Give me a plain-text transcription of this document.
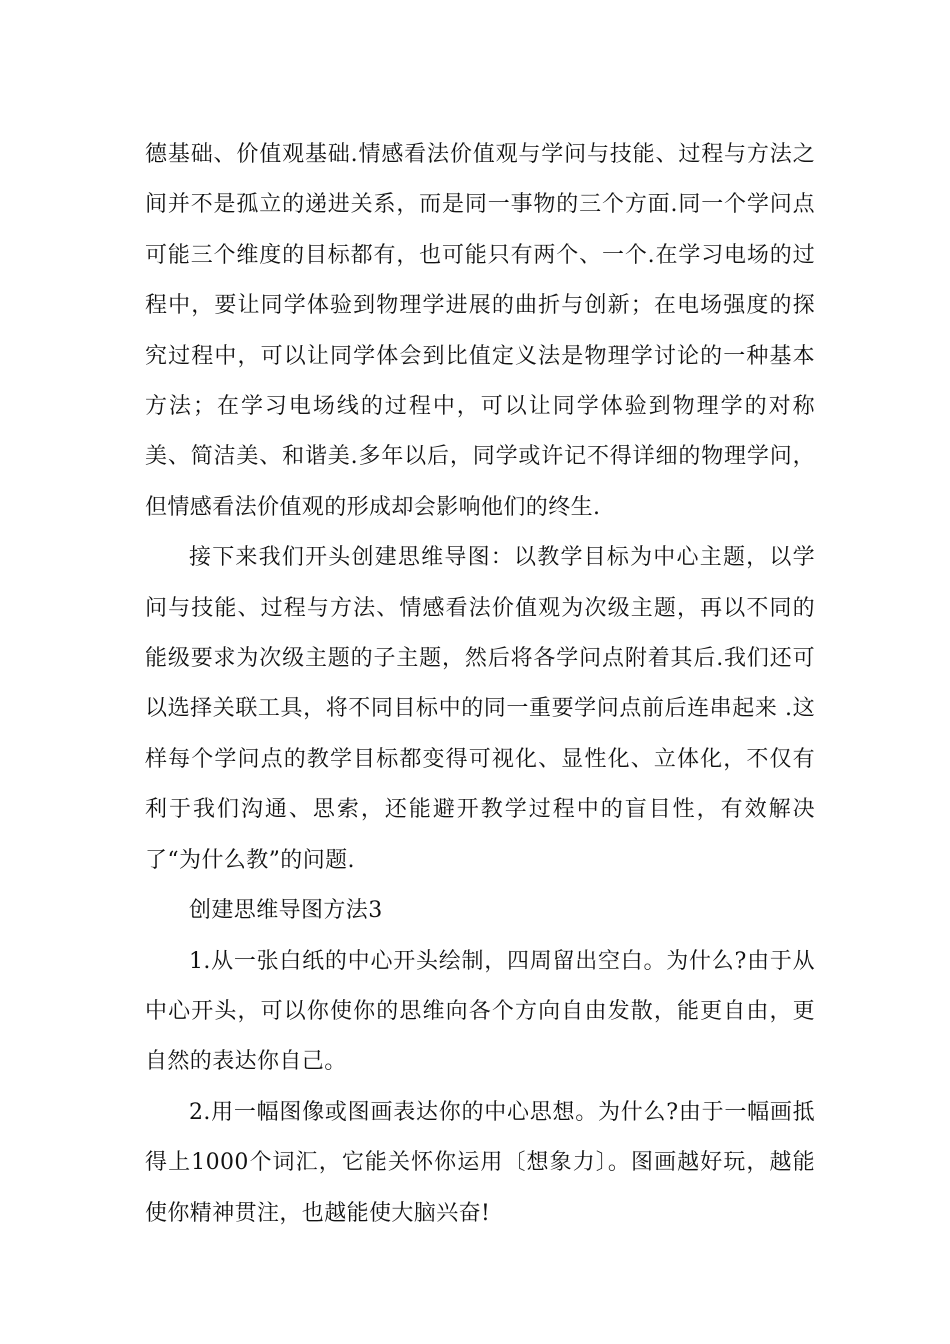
德基础、价值观基础.情感看法价值观与学问与技能、过程与方法之间并不是孤立的递进关系，而是同一事物的三个方面.同一个学问点可能三个维度的目标都有，也可能只有两个、一个.在学习电场的过程中，要让同学体验到物理学进展的曲折与创新；在电场强度的探究过程中，可以让同学体会到比值定义法是物理学讨论的一种基本方法；在学习电场线的过程中，可以让同学体验到物理学的对称美、简洁美、和谐美.多年以后，同学或许记不得详细的物理学问，但情感看法价值观的形成却会影响他们的终生.

接下来我们开头创建思维导图：以教学目标为中心主题，以学问与技能、过程与方法、情感看法价值观为次级主题，再以不同的能级要求为次级主题的子主题，然后将各学问点附着其后.我们还可以选择关联工具，将不同目标中的同一重要学问点前后连串起来 .这样每个学问点的教学目标都变得可视化、显性化、立体化，不仅有利于我们沟通、思索，还能避开教学过程中的盲目性，有效解决了“为什么教”的问题.

创建思维导图方法3

1.从一张白纸的中心开头绘制，四周留出空白。为什么?由于从中心开头，可以你使你的思维向各个方向自由发散，能更自由，更自然的表达你自己。

2.用一幅图像或图画表达你的中心思想。为什么?由于一幅画抵得上1000个词汇，它能关怀你运用〔想象力〕。图画越好玩，越能使你精神贯注，也越能使大脑兴奋!
